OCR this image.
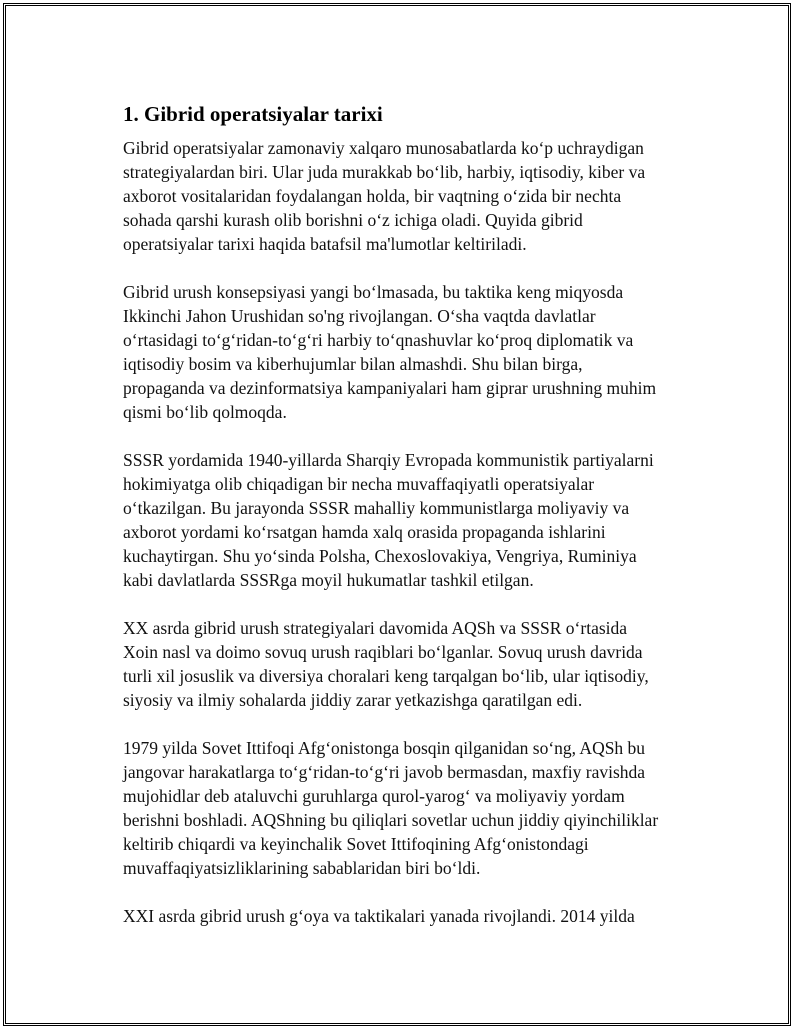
1. Gibrid operatsiyalar tarixi
Gibrid operatsiyalar zamonaviy xalqaro munosabatlarda ko‘p uchraydigan
strategiyalardan biri. Ular juda murakkab bo‘lib, harbiy, iqtisodiy, kiber va
axborot vositalaridan foydalangan holda, bir vaqtning o‘zida bir nechta
sohada qarshi kurash olib borishni o‘z ichiga oladi. Quyida gibrid
operatsiyalar tarixi haqida batafsil ma'lumotlar keltiriladi.
Gibrid urush konsepsiyasi yangi bo‘lmasada, bu taktika keng miqyosda
Ikkinchi Jahon Urushidan so'ng rivojlangan. O‘sha vaqtda davlatlar
o‘rtasidagi to‘g‘ridan-to‘g‘ri harbiy to‘qnashuvlar ko‘proq diplomatik va
iqtisodiy bosim va kiberhujumlar bilan almashdi. Shu bilan birga,
propaganda va dezinformatsiya kampaniyalari ham giprar urushning muhim
qismi bo‘lib qolmoqda.
SSSR yordamida 1940-yillarda Sharqiy Evropada kommunistik partiyalarni
hokimiyatga olib chiqadigan bir necha muvaffaqiyatli operatsiyalar
o‘tkazilgan. Bu jarayonda SSSR mahalliy kommunistlarga moliyaviy va
axborot yordami ko‘rsatgan hamda xalq orasida propaganda ishlarini
kuchaytirgan. Shu yo‘sinda Polsha, Chexoslovakiya, Vengriya, Ruminiya
kabi davlatlarda SSSRga moyil hukumatlar tashkil etilgan.
XX asrda gibrid urush strategiyalari davomida AQSh va SSSR o‘rtasida
Xoin nasl va doimo sovuq urush raqiblari bo‘lganlar. Sovuq urush davrida
turli xil josuslik va diversiya choralari keng tarqalgan bo‘lib, ular iqtisodiy,
siyosiy va ilmiy sohalarda jiddiy zarar yetkazishga qaratilgan edi.
1979 yilda Sovet Ittifoqi Afg‘onistonga bosqin qilganidan so‘ng, AQSh bu
jangovar harakatlarga to‘g‘ridan-to‘g‘ri javob bermasdan, maxfiy ravishda
mujohidlar deb ataluvchi guruhlarga qurol-yarog‘ va moliyaviy yordam
berishni boshladi. AQShning bu qiliqlari sovetlar uchun jiddiy qiyinchiliklar
keltirib chiqardi va keyinchalik Sovet Ittifoqining Afg‘onistondagi
muvaffaqiyatsizliklarining sabablaridan biri bo‘ldi.
XXI asrda gibrid urush g‘oya va taktikalari yanada rivojlandi. 2014 yilda
